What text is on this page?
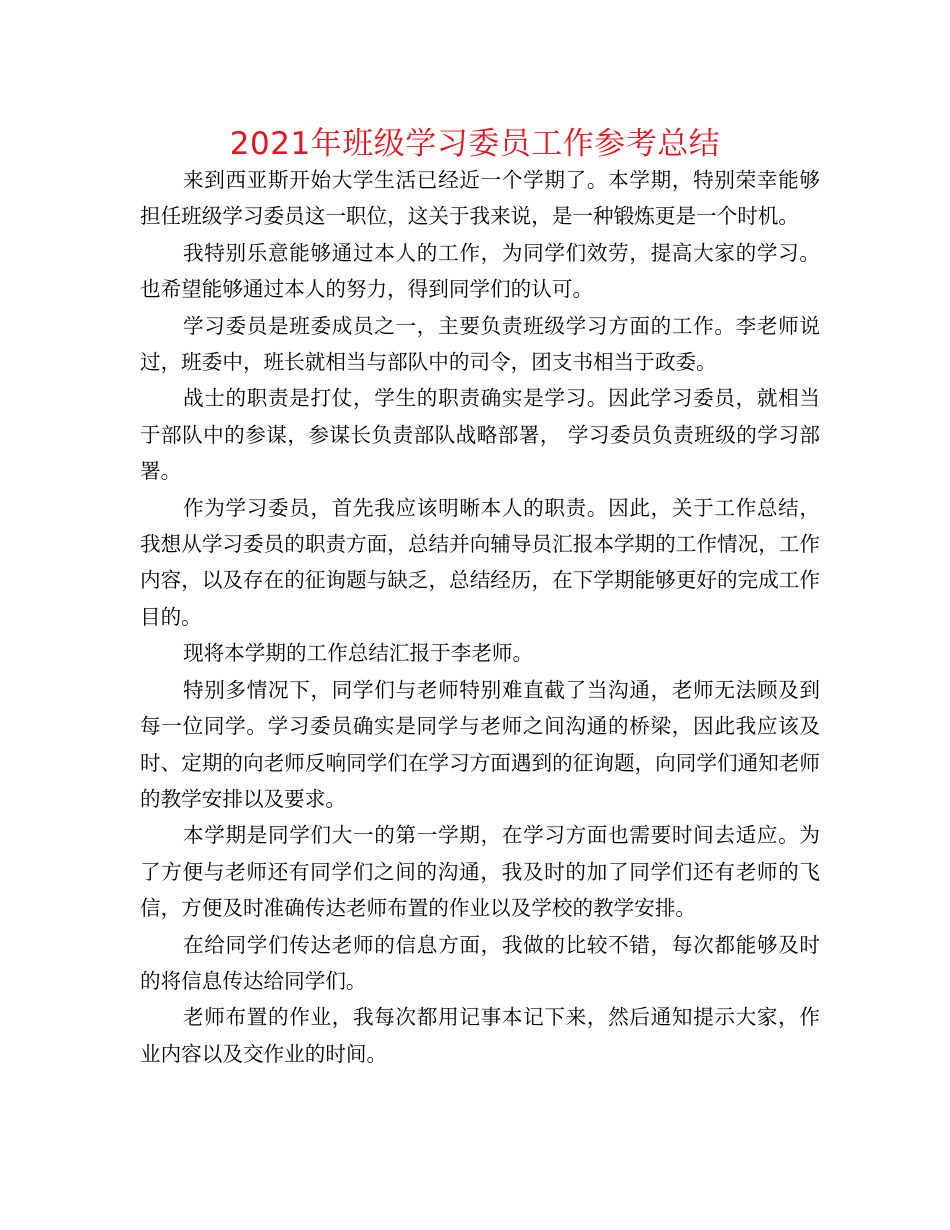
2021年班级学习委员工作参考总结

来到西亚斯开始大学生活已经近一个学期了。本学期，特别荣幸能够担任班级学习委员这一职位，这关于我来说，是一种锻炼更是一个时机。

我特别乐意能够通过本人的工作，为同学们效劳，提高大家的学习。也希望能够通过本人的努力，得到同学们的认可。

学习委员是班委成员之一，主要负责班级学习方面的工作。李老师说过，班委中，班长就相当与部队中的司令，团支书相当于政委。

战士的职责是打仗，学生的职责确实是学习。因此学习委员，就相当于部队中的参谋，参谋长负责部队战略部署， 学习委员负责班级的学习部署。

作为学习委员，首先我应该明晰本人的职责。因此，关于工作总结，我想从学习委员的职责方面，总结并向辅导员汇报本学期的工作情况，工作内容，以及存在的征询题与缺乏，总结经历，在下学期能够更好的完成工作目的。

现将本学期的工作总结汇报于李老师。

特别多情况下，同学们与老师特别难直截了当沟通，老师无法顾及到每一位同学。学习委员确实是同学与老师之间沟通的桥梁，因此我应该及时、定期的向老师反响同学们在学习方面遇到的征询题，向同学们通知老师的教学安排以及要求。

本学期是同学们大一的第一学期，在学习方面也需要时间去适应。为了方便与老师还有同学们之间的沟通，我及时的加了同学们还有老师的飞信，方便及时准确传达老师布置的作业以及学校的教学安排。

在给同学们传达老师的信息方面，我做的比较不错，每次都能够及时的将信息传达给同学们。

老师布置的作业，我每次都用记事本记下来，然后通知提示大家，作业内容以及交作业的时间。
